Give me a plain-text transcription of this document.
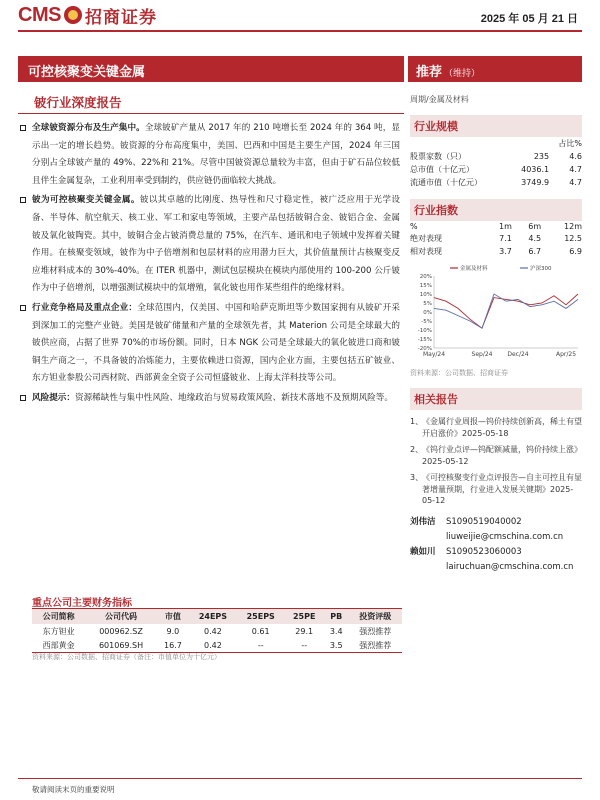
CMS 招商证券	2025 年 05 月 21 日
可控核聚变关键金属	推荐 （维持）
铍行业深度报告
全球铍资源分布及生产集中。全球铍矿产量从 2017 年的 210 吨增长至 2024 年的 364 吨，显示出一定的增长趋势。铍资源的分布高度集中，美国、巴西和中国是主要生产国，2024 年三国分别占全球铍产量的 49%、22%和 21%。尽管中国铍资源总量较为丰富，但由于矿石品位较低且伴生金属复杂，工业利用率受到制约，供应链仍面临较大挑战。
铍为可控核聚变关键金属。铍以其卓越的比刚度、热导性和尺寸稳定性，被广泛应用于光学设备、半导体、航空航天、核工业、军工和家电等领域，主要产品包括铍铜合金、铍铝合金、金属铍及氧化铍陶瓷。其中，铍铜合金占铍消费总量的 75%，在汽车、通讯和电子领域中发挥着关键作用。在核聚变领域，铍作为中子倍增剂和包层材料的应用潜力巨大，其价值量预计占核聚变反应堆材料成本的 30%-40%。在 ITER 机器中，测试包层模块在模块内部使用约 100-200 公斤铍作为中子倍增剂，以增强测试模块中的氚增殖，氧化铍也用作某些组件的绝缘材料。
行业竞争格局及重点企业：全球范围内，仅美国、中国和哈萨克斯坦等少数国家拥有从铍矿开采到深加工的完整产业链。美国是铍矿储量和产量的全球领先者，其 Materion 公司是全球最大的铍供应商，占据了世界 70%的市场份额。同时，日本 NGK 公司是全球最大的氧化铍进口商和铍铜生产商之一，不具备铍的冶炼能力，主要依赖进口资源，国内企业方面，主要包括五矿铍业、东方钽业参股公司西材院、西部黄金全资子公司恒盛铍业、上海太洋科技等公司。
风险提示：资源稀缺性与集中性风险、地缘政治与贸易政策风险、新技术落地不及预期风险等。
周期/金属及材料
行业规模
		占比%
股票家数（只）	235	4.6
总市值（十亿元）	4036.1	4.7
流通市值（十亿元）	3749.9	4.7
行业指数
%	1m	6m	12m
绝对表现	7.1	4.5	12.5
相对表现	3.7	6.7	6.9
20%
15%
10%
5%
0%
-5%
-10%
-15%
-20%
May/24	Sep/24 Dec/24	Apr/25
金属及材料	沪深300
资料来源：公司数据、招商证券
相关报告
1、
《金属行业周报—钨价持续创新高，稀土有望开启涨价》2025-05-18
2、
《钨行业点评—钨配额减量，钨价持续上涨》2025-05-12
3、
《可控核聚变行业点评报告—自主可控且有显著增量预期，行业进入发展关键期》2025-05-12
刘伟洁 S1090519040002
liuweijie@cmschina.com.cn
赖如川 S1090523060003
lairuchuan@cmschina.com.cn
重点公司主要财务指标
公司简称	公司代码	市值	24EPS	25EPS	25PE	PB	投资评级
东方钽业	000962.SZ	9.0	0.42	0.61	29.1	3.4	强烈推荐
西部黄金	601069.SH	16.7	0.42	--	--	3.5	强烈推荐
资料来源：公司数据、招商证券（备注：市值单位为十亿元）
敬请阅读末页的重要说明
